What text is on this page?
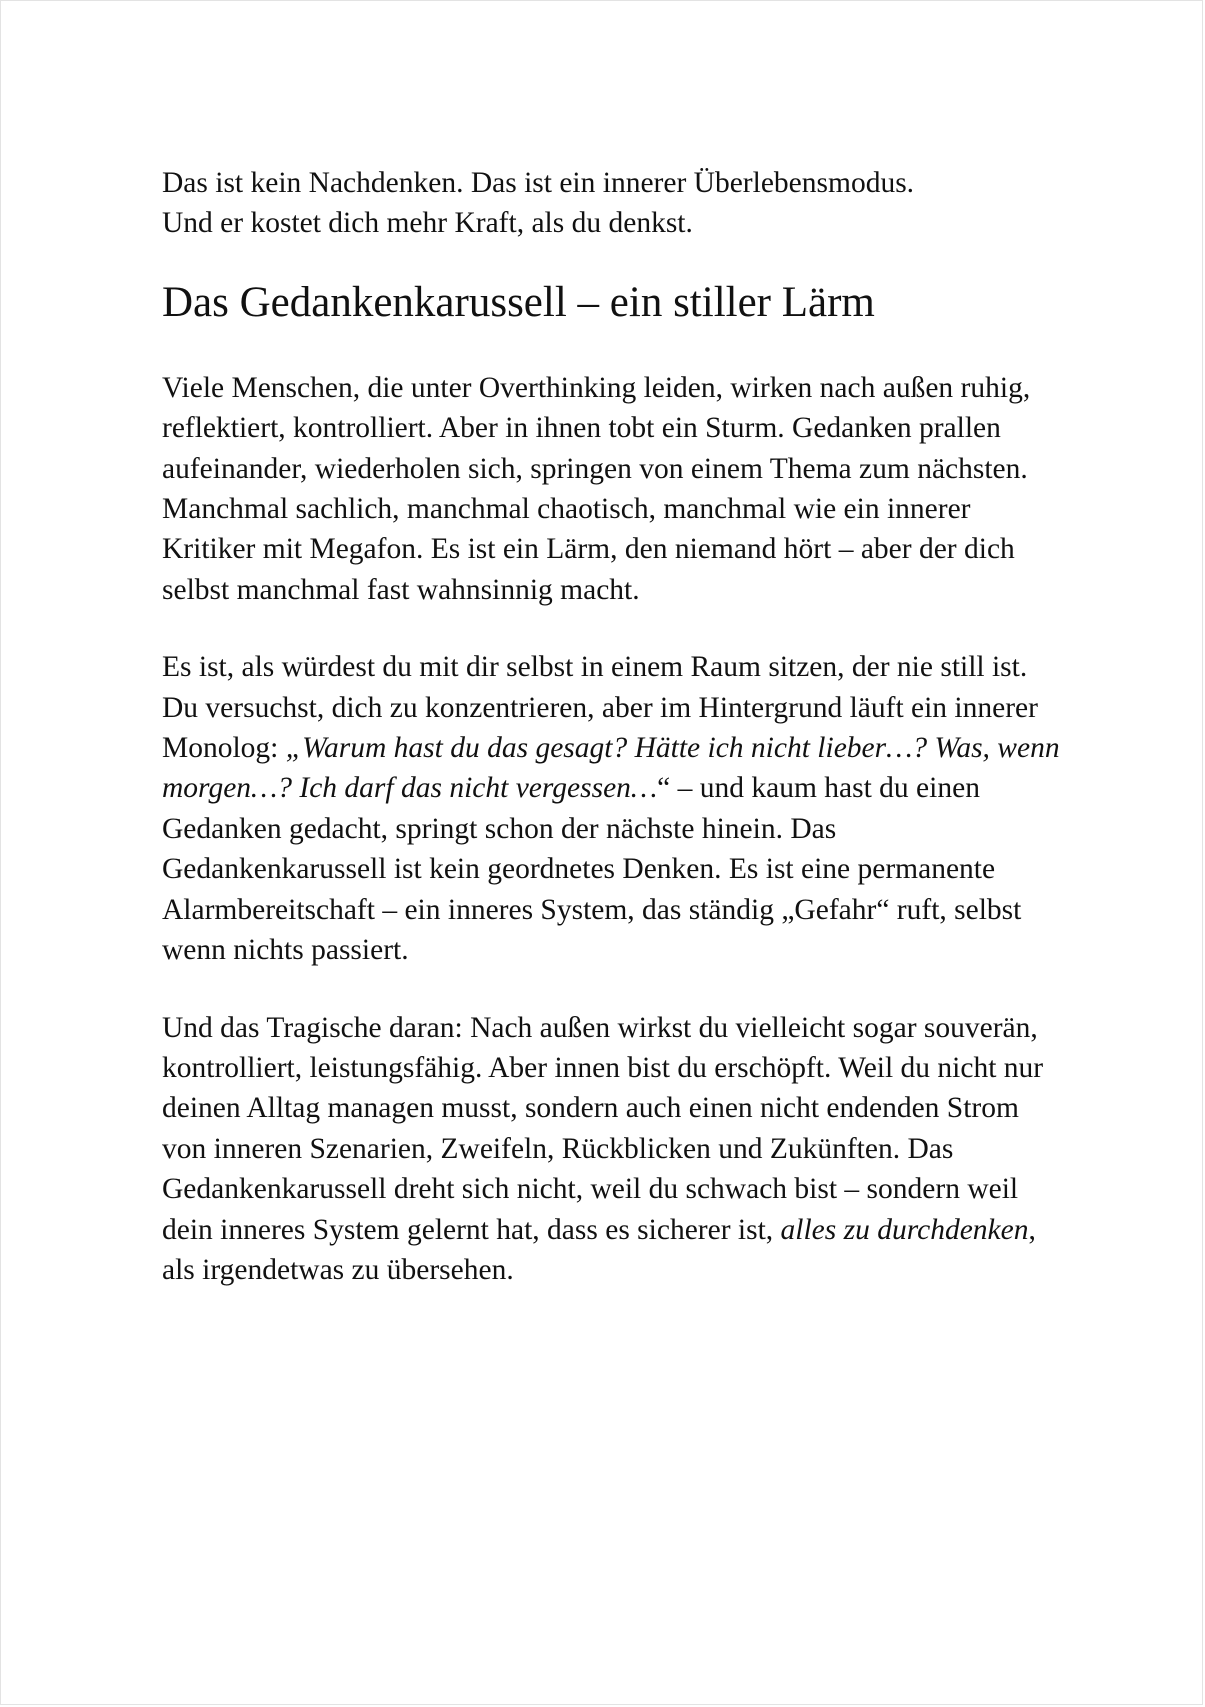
Das ist kein Nachdenken. Das ist ein innerer Überlebensmodus.
Und er kostet dich mehr Kraft, als du denkst.

Das Gedankenkarussell – ein stiller Lärm

Viele Menschen, die unter Overthinking leiden, wirken nach außen ruhig, reflektiert, kontrolliert. Aber in ihnen tobt ein Sturm. Gedanken prallen aufeinander, wiederholen sich, springen von einem Thema zum nächsten. Manchmal sachlich, manchmal chaotisch, manchmal wie ein innerer Kritiker mit Megafon. Es ist ein Lärm, den niemand hört – aber der dich selbst manchmal fast wahnsinnig macht.

Es ist, als würdest du mit dir selbst in einem Raum sitzen, der nie still ist. Du versuchst, dich zu konzentrieren, aber im Hintergrund läuft ein innerer Monolog: „Warum hast du das gesagt? Hätte ich nicht lieber…? Was, wenn morgen…? Ich darf das nicht vergessen…“ – und kaum hast du einen Gedanken gedacht, springt schon der nächste hinein. Das Gedankenkarussell ist kein geordnetes Denken. Es ist eine permanente Alarmbereitschaft – ein inneres System, das ständig „Gefahr“ ruft, selbst wenn nichts passiert.

Und das Tragische daran: Nach außen wirkst du vielleicht sogar souverän, kontrolliert, leistungsfähig. Aber innen bist du erschöpft. Weil du nicht nur deinen Alltag managen musst, sondern auch einen nicht endenden Strom von inneren Szenarien, Zweifeln, Rückblicken und Zukünften. Das Gedankenkarussell dreht sich nicht, weil du schwach bist – sondern weil dein inneres System gelernt hat, dass es sicherer ist, alles zu durchdenken, als irgendetwas zu übersehen.
